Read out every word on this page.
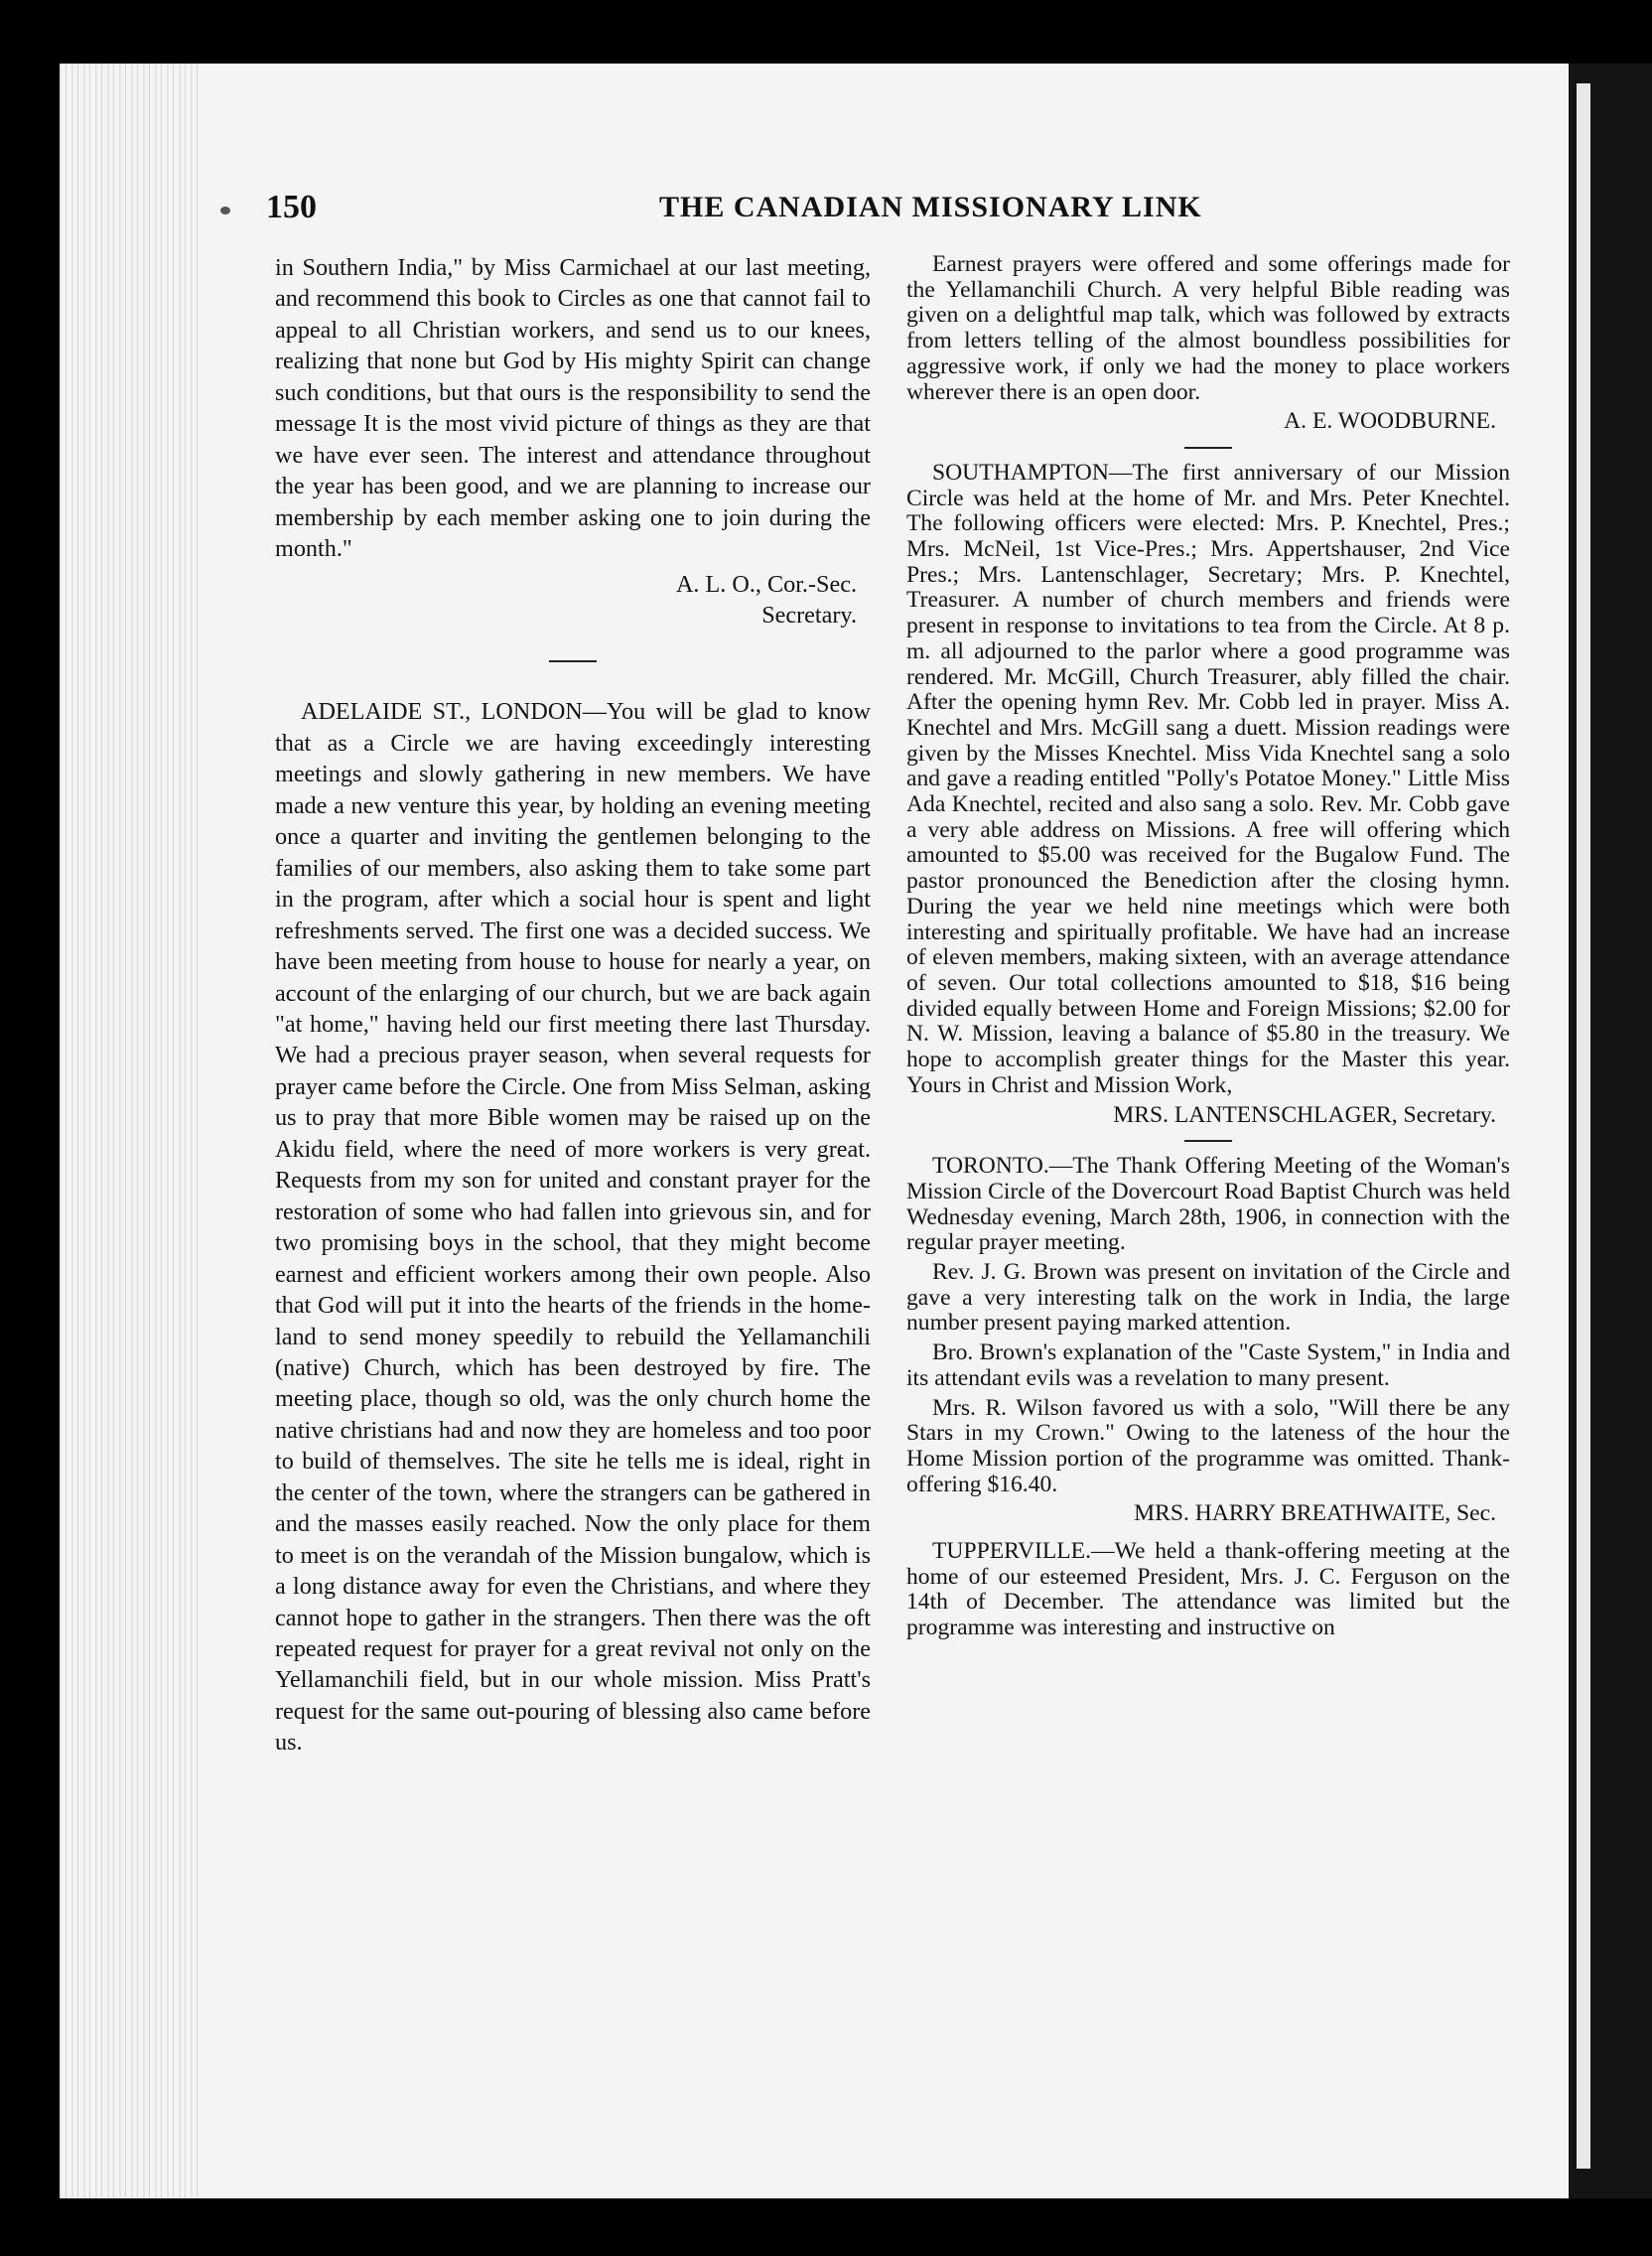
150	THE CANADIAN MISSIONARY LINK

in Southern India," by Miss Carmichael at our last meeting, and recommend this book to Circles as one that cannot fail to appeal to all Christian workers, and send us to our knees, realizing that none but God by His mighty Spirit can change such conditions, but that ours is the responsibility to send the message It is the most vivid picture of things as they are that we have ever seen. The interest and attendance throughout the year has been good, and we are planning to increase our membership by each member asking one to join during the month."

A. L. O., Cor.-Sec.
Secretary.

ADELAIDE ST., LONDON—You will be glad to know that as a Circle we are having exceedingly interesting meetings and slowly gathering in new members. We have made a new venture this year, by holding an evening meeting once a quarter and inviting the gentlemen belonging to the families of our members, also asking them to take some part in the program, after which a social hour is spent and light refreshments served. The first one was a decided success. We have been meeting from house to house for nearly a year, on account of the enlarging of our church, but we are back again "at home," having held our first meeting there last Thursday. We had a precious prayer season, when several requests for prayer came before the Circle. One from Miss Selman, asking us to pray that more Bible women may be raised up on the Akidu field, where the need of more workers is very great. Requests from my son for united and constant prayer for the restoration of some who had fallen into grievous sin, and for two promising boys in the school, that they might become earnest and efficient workers among their own people. Also that God will put it into the hearts of the friends in the home-land to send money speedily to rebuild the Yellamanchili (native) Church, which has been destroyed by fire. The meeting place, though so old, was the only church home the native christians had and now they are homeless and too poor to build of themselves. The site he tells me is ideal, right in the center of the town, where the strangers can be gathered in and the masses easily reached. Now the only place for them to meet is on the verandah of the Mission bungalow, which is a long distance away for even the Christians, and where they cannot hope to gather in the strangers. Then there was the oft repeated request for prayer for a great revival not only on the Yellamanchili field, but in our whole mission. Miss Pratt's request for the same out-pouring of blessing also came before us.

Earnest prayers were offered and some offerings made for the Yellamanchili Church. A very helpful Bible reading was given on a delightful map talk, which was followed by extracts from letters telling of the almost boundless possibilities for aggressive work, if only we had the money to place workers wherever there is an open door.

A. E. WOODBURNE.

SOUTHAMPTON—The first anniversary of our Mission Circle was held at the home of Mr. and Mrs. Peter Knechtel. The following officers were elected: Mrs. P. Knechtel, Pres.; Mrs. McNeil, 1st Vice-Pres.; Mrs. Appertshauser, 2nd Vice Pres.; Mrs. Lantenschlager, Secretary; Mrs. P. Knechtel, Treasurer. A number of church members and friends were present in response to invitations to tea from the Circle. At 8 p. m. all adjourned to the parlor where a good programme was rendered. Mr. McGill, Church Treasurer, ably filled the chair. After the opening hymn Rev. Mr. Cobb led in prayer. Miss A. Knechtel and Mrs. McGill sang a duett. Mission readings were given by the Misses Knechtel. Miss Vida Knechtel sang a solo and gave a reading entitled "Polly's Potatoe Money." Little Miss Ada Knechtel, recited and also sang a solo. Rev. Mr. Cobb gave a very able address on Missions. A free will offering which amounted to $5.00 was received for the Bugalow Fund. The pastor pronounced the Benediction after the closing hymn. During the year we held nine meetings which were both interesting and spiritually profitable. We have had an increase of eleven members, making sixteen, with an average attendance of seven. Our total collections amounted to $18, $16 being divided equally between Home and Foreign Missions; $2.00 for N. W. Mission, leaving a balance of $5.80 in the treasury. We hope to accomplish greater things for the Master this year. Yours in Christ and Mission Work,

MRS. LANTENSCHLAGER, Secretary.

TORONTO.—The Thank Offering Meeting of the Woman's Mission Circle of the Dovercourt Road Baptist Church was held Wednesday evening, March 28th, 1906, in connection with the regular prayer meeting.

Rev. J. G. Brown was present on invitation of the Circle and gave a very interesting talk on the work in India, the large number present paying marked attention.

Bro. Brown's explanation of the "Caste System," in India and its attendant evils was a revelation to many present.

Mrs. R. Wilson favored us with a solo, "Will there be any Stars in my Crown." Owing to the lateness of the hour the Home Mission portion of the programme was omitted. Thank-offering $16.40.

MRS. HARRY BREATHWAITE, Sec.

TUPPERVILLE.—We held a thank-offering meeting at the home of our esteemed President, Mrs. J. C. Ferguson on the 14th of December. The attendance was limited but the programme was interesting and instructive on
